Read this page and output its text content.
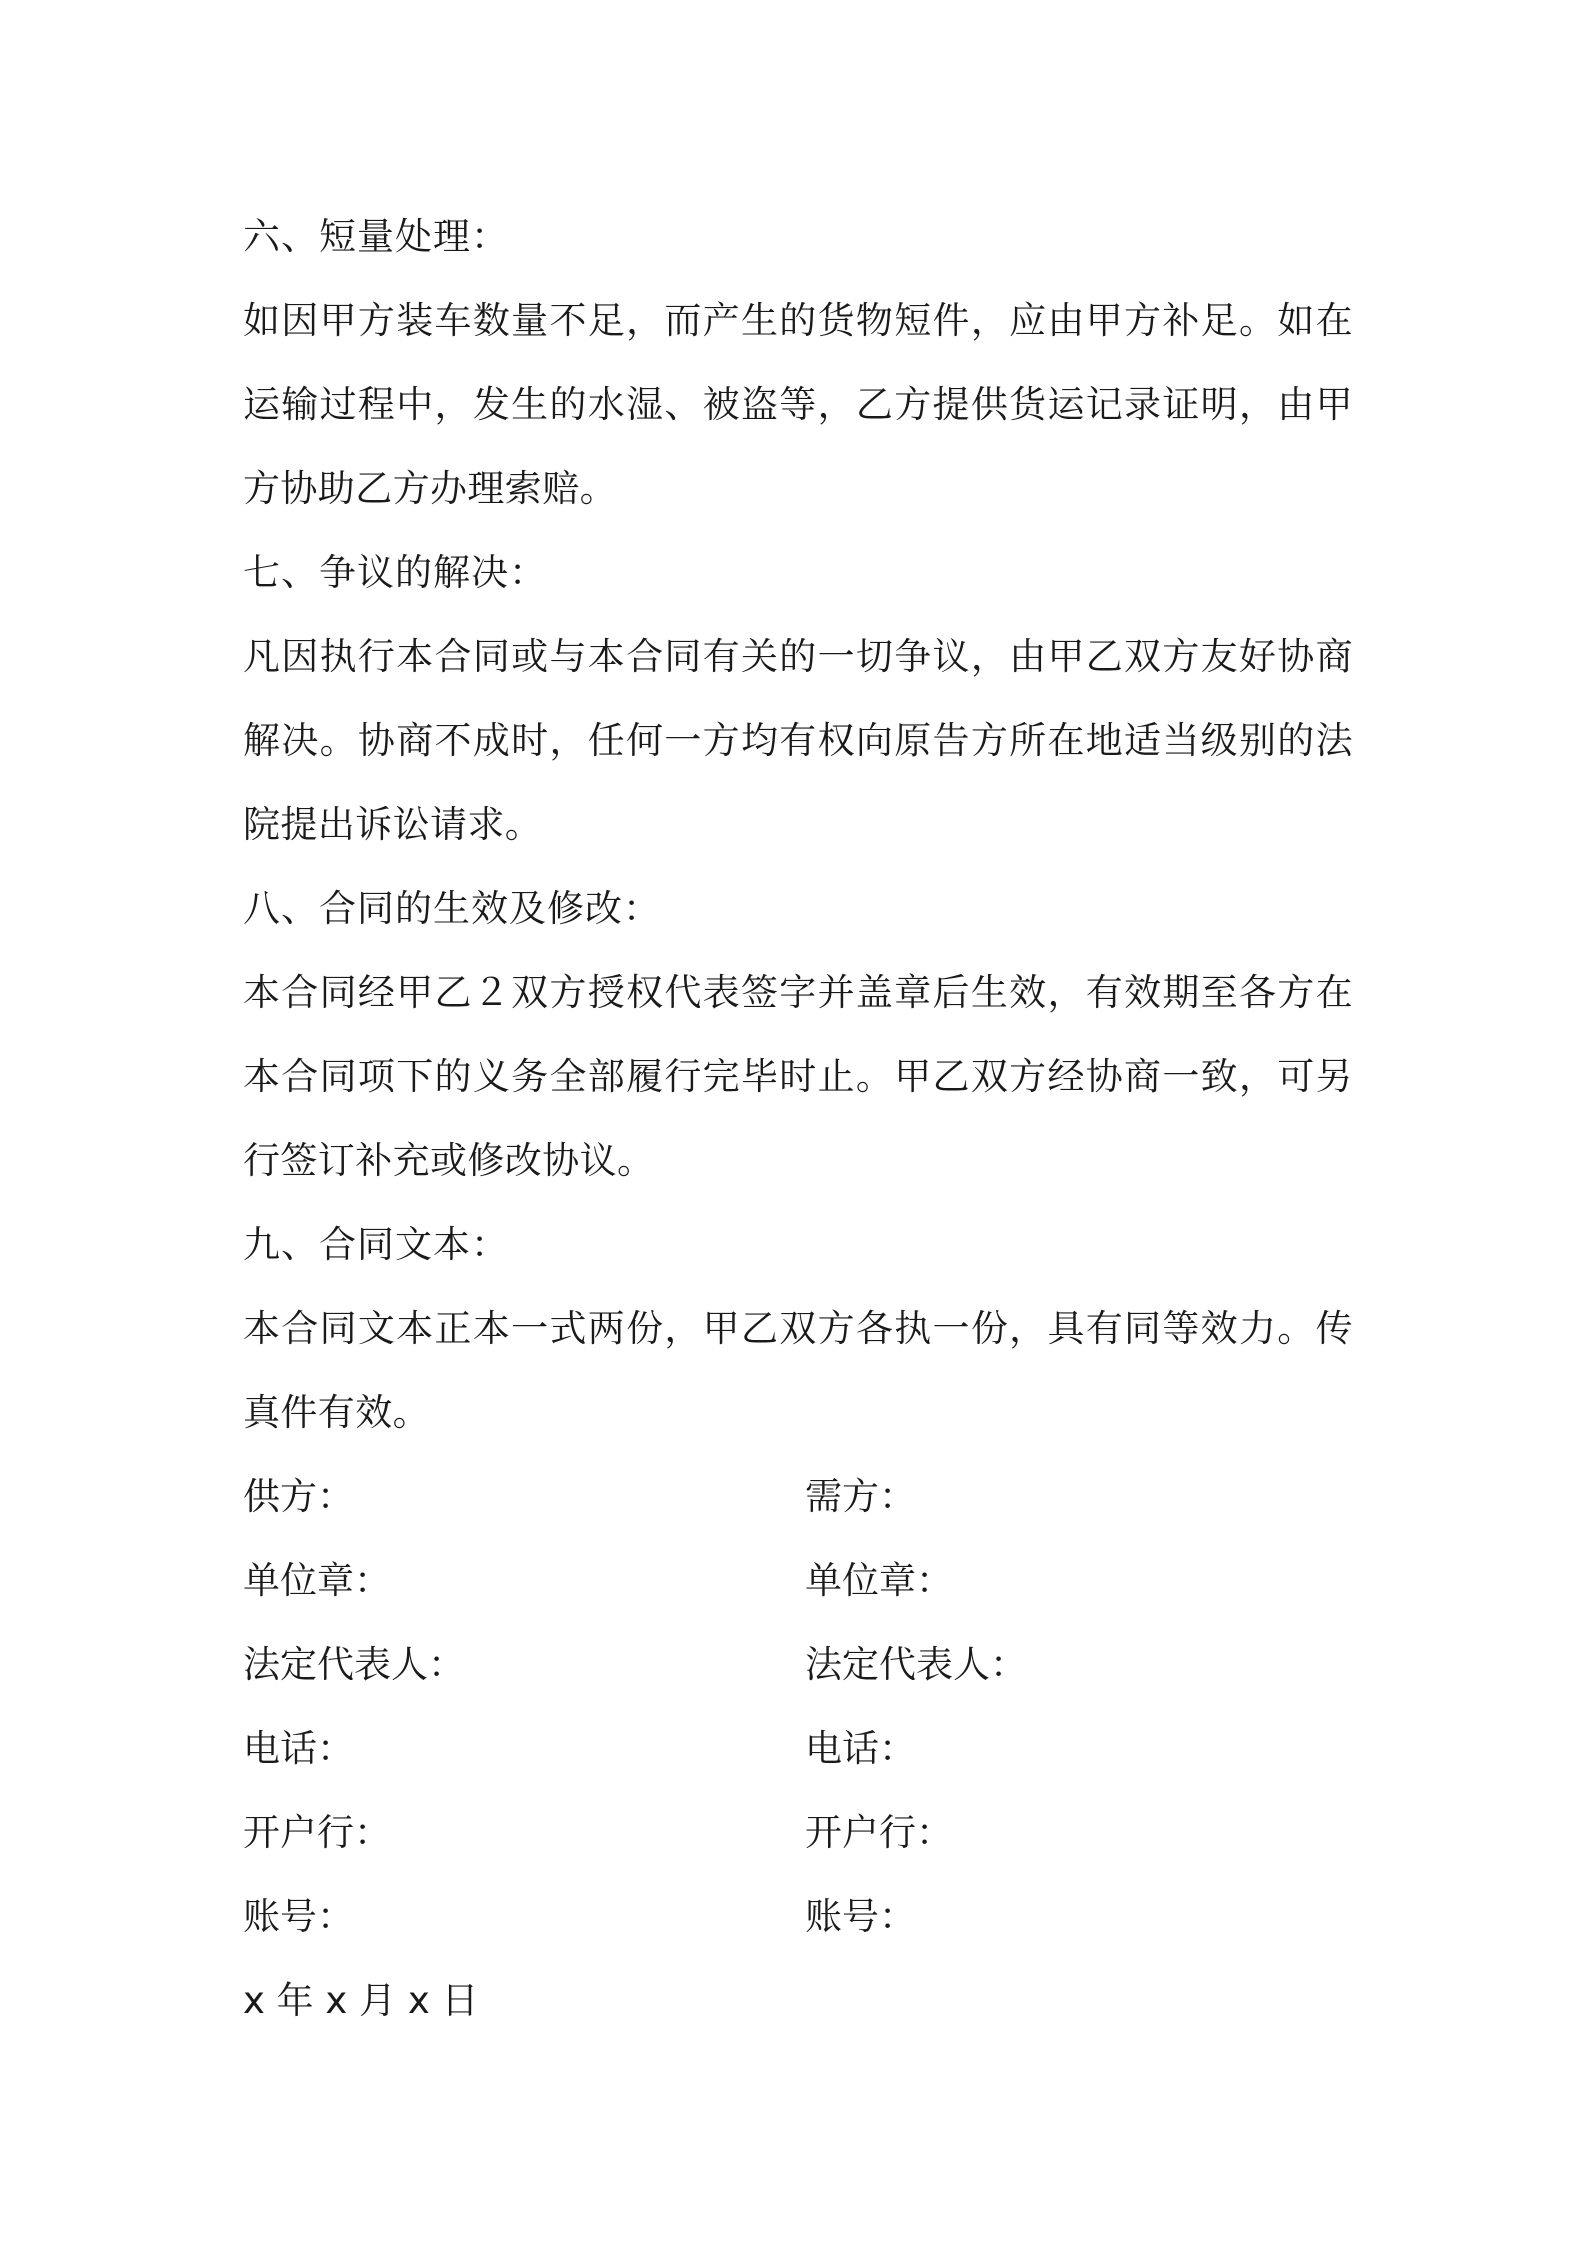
六、短量处理：
如因甲方装车数量不足，而产生的货物短件，应由甲方补足。如在运输过程中，发生的水湿、被盗等，乙方提供货运记录证明，由甲方协助乙方办理索赔。
七、争议的解决：
凡因执行本合同或与本合同有关的一切争议，由甲乙双方友好协商解决。协商不成时，任何一方均有权向原告方所在地适当级别的法院提出诉讼请求。
八、合同的生效及修改：
本合同经甲乙２双方授权代表签字并盖章后生效，有效期至各方在本合同项下的义务全部履行完毕时止。甲乙双方经协商一致，可另行签订补充或修改协议。
九、合同文本：
本合同文本正本一式两份，甲乙双方各执一份，具有同等效力。传真件有效。
供方：	需方：
单位章：	单位章：
法定代表人：	法定代表人：
电话：	电话：
开户行：	开户行：
账号：	账号：
x 年 x 月 x 日
